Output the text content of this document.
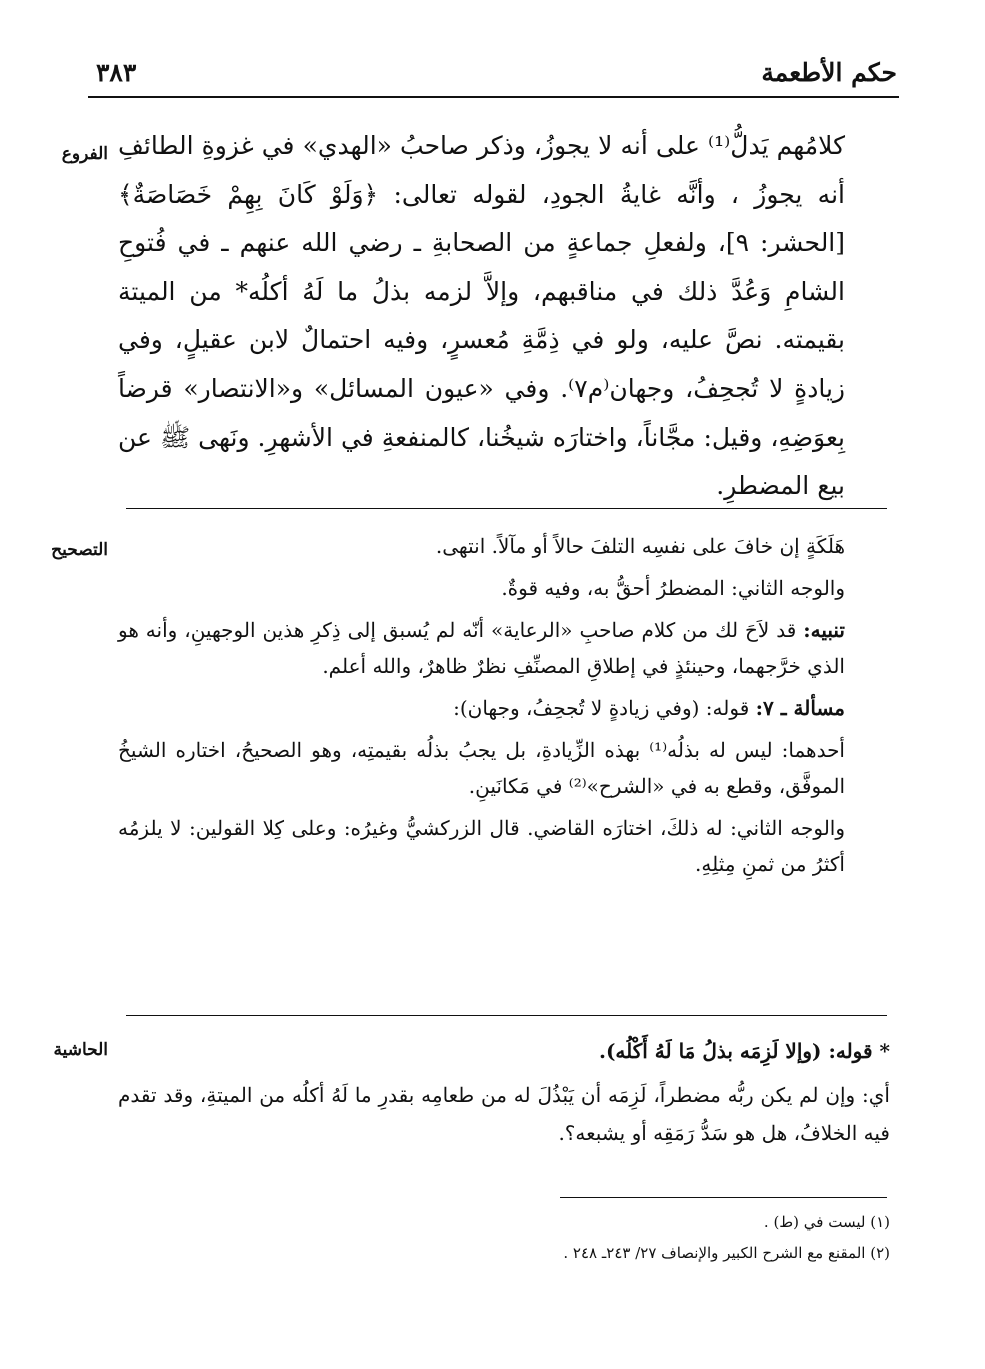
حكم الأطعمة
٣٨٣
الفروع
التصحيح
الحاشية
كلامُهم يَدلُّ⁽¹⁾ على أنه لا يجوزُ، وذكر صاحبُ «الهدي» في غزوةِ الطائفِ أنه يجوزُ ، وأنَّه غايةُ الجودِ، لقوله تعالى: ﴿وَلَوْ كَانَ بِهِمْ خَصَاصَةٌ﴾ [الحشر: ٩]، ولفعلِ جماعةٍ من الصحابةِ ـ رضي الله عنهم ـ في فُتوحِ الشامِ وَعُدَّ ذلك في مناقبهم، وإلاَّ لزمه بذلُ ما لَهُ أكلُه* من الميتة بقيمته. نصَّ عليه، ولو في ذِمَّةِ مُعسرٍ، وفيه احتمالٌ لابن عقيلٍ، وفي زيادةٍ لا تُجحِفُ، وجهان⁽م٧⁾. وفي «عيون المسائل» و«الانتصار» قرضاً بِعوَضِهِ، وقيل: مجَّاناً، واختارَه شيخُنا، كالمنفعةِ في الأشهرِ. ونَهى ﷺ عن بيع المضطرِ.

هَلَكَةٍ إن خافَ على نفسِه التلفَ حالاً أو مآلاً. انتهى.

والوجه الثاني: المضطرُ أحقُّ به، وفيه قوةٌ.

تنبيه: قد لاَحَ لك من كلام صاحبِ «الرعاية» أنّه لم يُسبق إلى ذِكرِ هذين الوجهينِ، وأنه هو الذي خرَّجهما، وحينئذٍ في إطلاقِ المصنِّفِ نظرٌ ظاهرٌ، والله أعلم.

مسألة ـ ٧: قوله: (وفي زيادةٍ لا تُجحِفُ، وجهان):

أحدهما: ليس له بذلُه⁽¹⁾ بهذه الزِّيادةِ، بل يجبُ بذلُه بقيمتِه، وهو الصحيحُ، اختاره الشيخُ الموفَّق، وقطع به في «الشرح»⁽²⁾ في مَكانَينِ.

والوجه الثاني: له ذلكَ، اختارَه القاضي. قال الزركشيُّ وغيرُه: وعلى كِلا القولين: لا يلزمُه أكثرُ من ثمنِ مِثلِهِ.

* قوله: (وإلا لَزِمَه بذلُ مَا لَهُ أَكْلُه).

أي: وإن لم يكن ربُّه مضطراً، لَزِمَه أن يَبْذُلَ له من طعامِه بقدرِ ما لَهُ أكلُه من الميتةِ، وقد تقدم فيه الخلافُ، هل هو سَدُّ رَمَقِه أو يشبعه؟.

(١) ليست في (ط) .

(٢) المقنع مع الشرح الكبير والإنصاف ٢٧/ ٢٤٣ـ ٢٤٨ .
